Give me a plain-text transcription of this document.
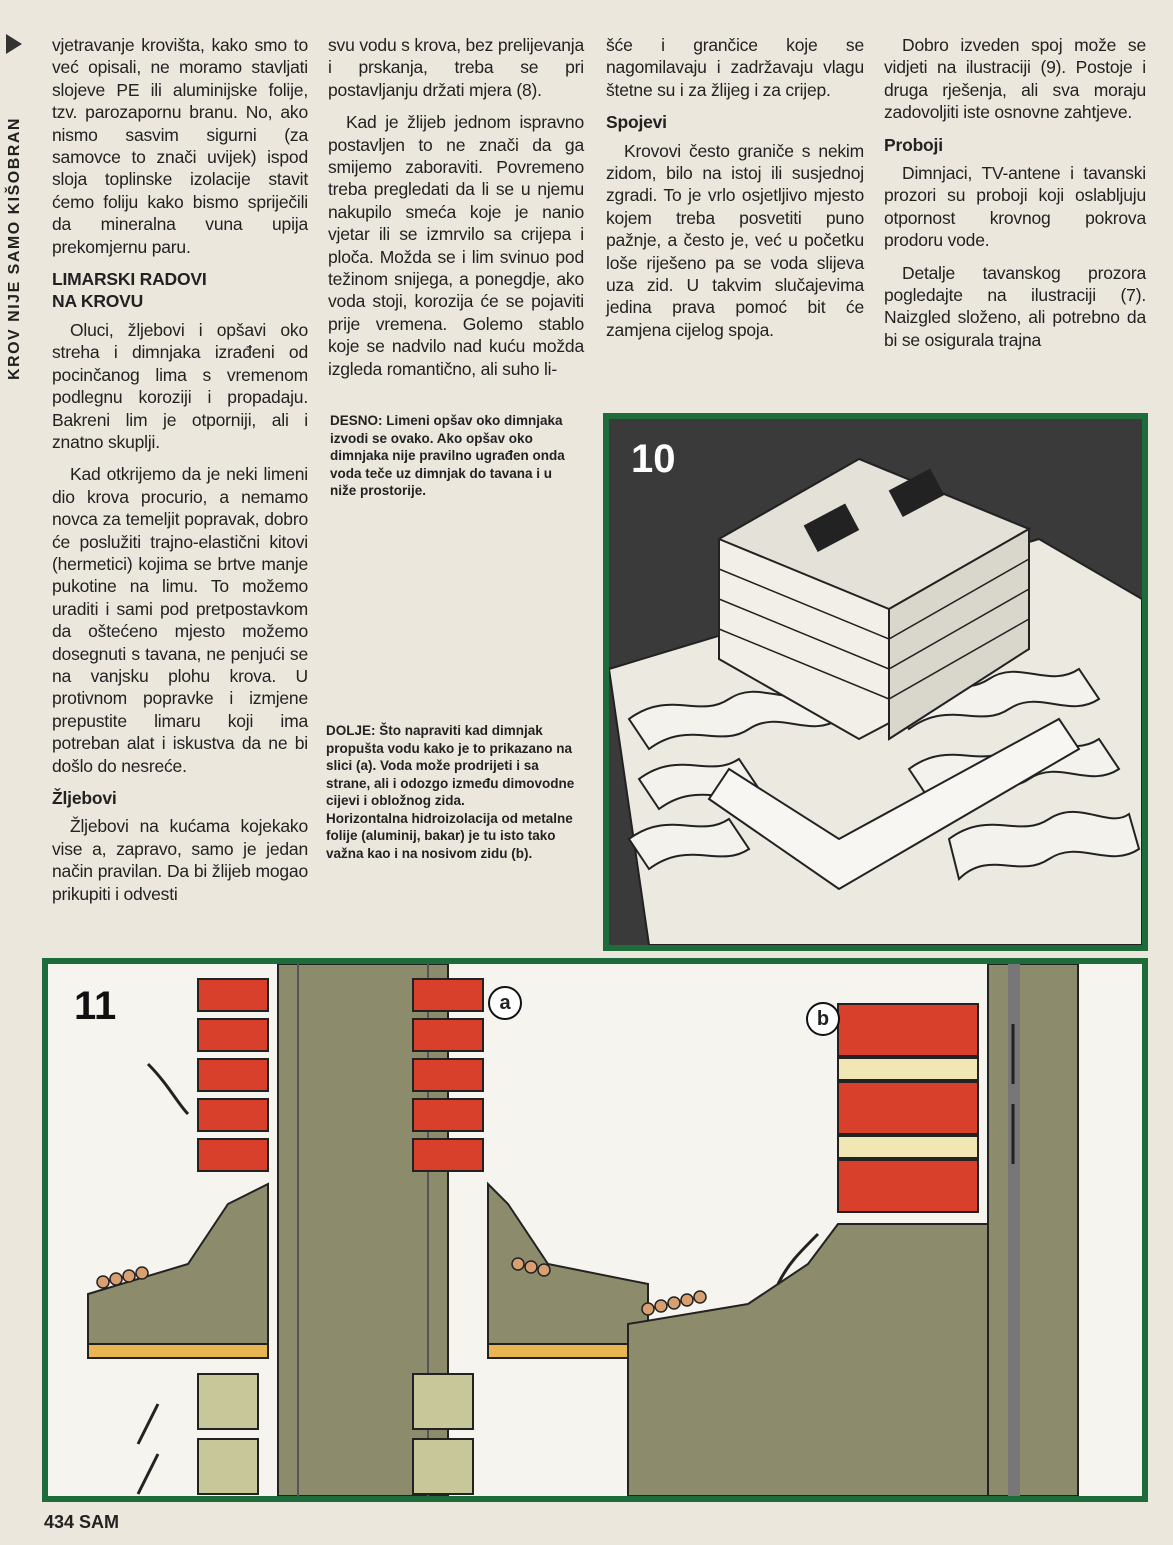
KROV NIJE SAMO KIŠOBRAN

vjetravanje krovišta, kako smo to već opisali, ne moramo stavljati slojeve PE ili aluminijske folije, tzv. parozapornu branu. No, ako nismo sasvim sigurni (za samovce to znači uvijek) ispod sloja toplinske izolacije stavit ćemo foliju kako bismo spriječili da mineralna vuna upija prekomjernu paru.

LIMARSKI RADOVI
NA KROVU

Oluci, žljebovi i opšavi oko streha i dimnjaka izrađeni od pocinčanog lima s vremenom podlegnu koroziji i propadaju. Bakreni lim je otporniji, ali i znatno skuplji.

Kad otkrijemo da je neki limeni dio krova procurio, a nemamo novca za temeljit popravak, dobro će poslužiti trajno-elastični kitovi (hermetici) kojima se brtve manje pukotine na limu. To možemo uraditi i sami pod pretpostavkom da oštećeno mjesto možemo dosegnuti s tavana, ne penjući se na vanjsku plohu krova. U protivnom popravke i izmjene prepustite limaru koji ima potreban alat i iskustva da ne bi došlo do nesreće.

Žljebovi

Žljebovi na kućama kojekako vise a, zapravo, samo je jedan način pravilan. Da bi žlijeb mogao prikupiti i odvesti

svu vodu s krova, bez prelijevanja i prskanja, treba se pri postavljanju držati mjera (8).

Kad je žlijeb jednom ispravno postavljen to ne znači da ga smijemo zaboraviti. Povremeno treba pregledati da li se u njemu nakupilo smeća koje je nanio vjetar ili se izmrvilo sa crijepa i ploča. Možda se i lim svinuo pod težinom snijega, a ponegdje, ako voda stoji, korozija će se pojaviti prije vremena. Golemo stablo koje se nadvilo nad kuću možda izgleda romantično, ali suho li-

šće i grančice koje se nagomilavaju i zadržavaju vlagu štetne su i za žlijeg i za crijep.

Spojevi

Krovovi često graniče s nekim zidom, bilo na istoj ili susjednoj zgradi. To je vrlo osjetljivo mjesto kojem treba posvetiti puno pažnje, a često je, već u početku loše riješeno pa se voda slijeva uza zid. U takvim slučajevima jedina prava pomoć bit će zamjena cijelog spoja.

Dobro izveden spoj može se vidjeti na ilustraciji (9). Postoje i druga rješenja, ali sva moraju zadovoljiti iste osnovne zahtjeve.

Proboji

Dimnjaci, TV-antene i tavanski prozori su proboji koji oslabljuju otpornost krovnog pokrova prodoru vode.

Detalje tavanskog prozora pogledajte na ilustraciji (7). Naizgled složeno, ali potrebno da bi se osigurala trajna

DESNO: Limeni opšav oko dimnjaka izvodi se ovako. Ako opšav oko dimnjaka nije pravilno ugrađen onda voda teče uz dimnjak do tavana i u niže prostorije.
DOLJE: Što napraviti kad dimnjak propušta vodu kako je to prikazano na slici (a). Voda može prodrijeti i sa strane, ali i odozgo između dimovodne cijevi i obložnog zida.
Horizontalna hidroizolacija od metalne folije (aluminij, bakar) je tu isto tako važna kao i na nosivom zidu (b).
10
11	a
b
434 SAM
